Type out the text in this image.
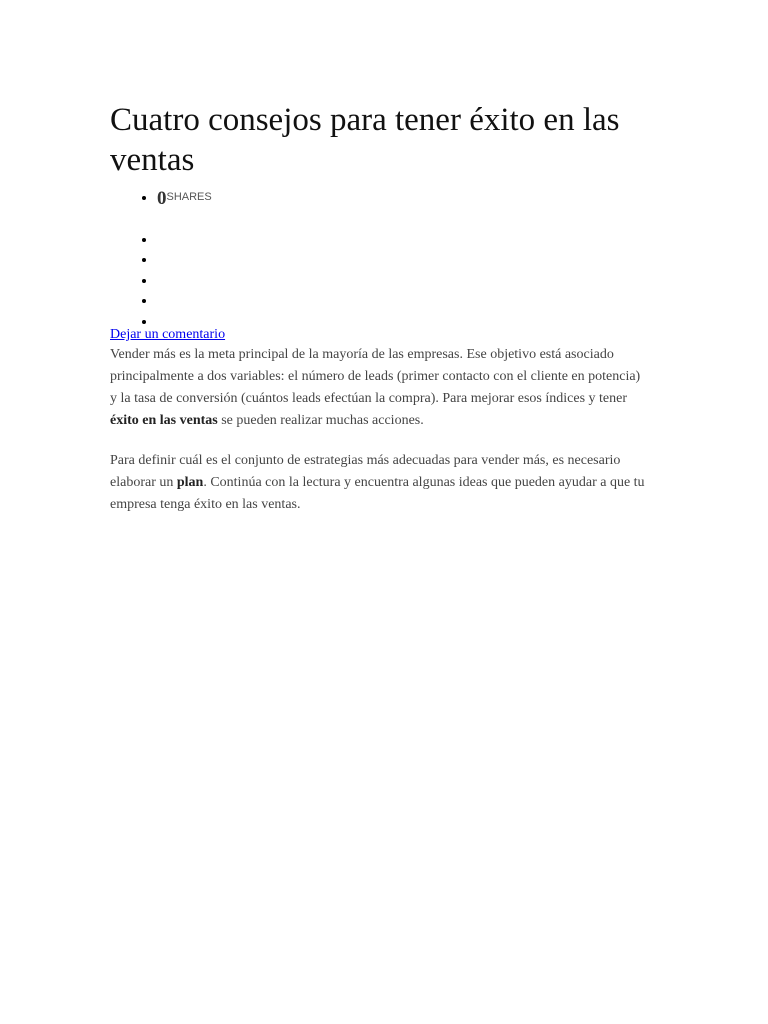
Cuatro consejos para tener éxito en las ventas
• $0^{SHARES}$
•
•
•
•
•
Dejar un comentario

Vender más es la meta principal de la mayoría de las empresas. Ese objetivo está asociado principalmente a dos variables: el número de leads (primer contacto con el cliente en potencia) y la tasa de conversión (cuántos leads efectúan la compra). Para mejorar esos índices y tener éxito en las ventas se pueden realizar muchas acciones.

Para definir cuál es el conjunto de estrategias más adecuadas para vender más, es necesario elaborar un plan. Continúa con la lectura y encuentra algunas ideas que pueden ayudar a que tu empresa tenga éxito en las ventas.
